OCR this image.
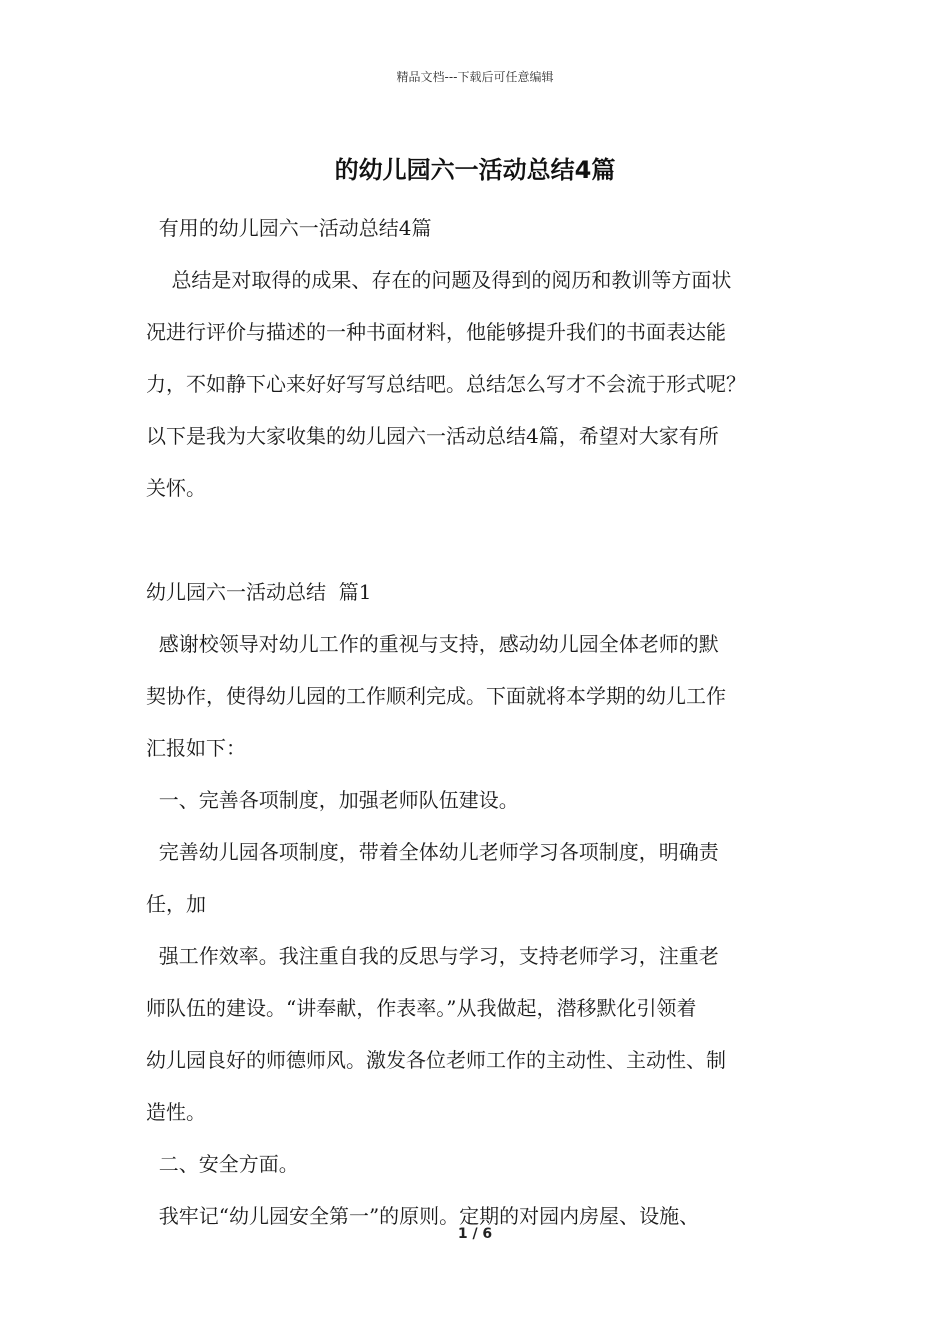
精品文档---下载后可任意编辑
的幼儿园六一活动总结4篇

有用的幼儿园六一活动总结4篇

总结是对取得的成果、存在的问题及得到的阅历和教训等方面状

况进行评价与描述的一种书面材料，他能够提升我们的书面表达能

力，不如静下心来好好写写总结吧。总结怎么写才不会流于形式呢？

以下是我为大家收集的幼儿园六一活动总结4篇，希望对大家有所

关怀。

幼儿园六一活动总结  篇1

感谢校领导对幼儿工作的重视与支持，感动幼儿园全体老师的默

契协作，使得幼儿园的工作顺利完成。下面就将本学期的幼儿工作

汇报如下：

一、完善各项制度，加强老师队伍建设。

完善幼儿园各项制度，带着全体幼儿老师学习各项制度，明确责

任，加

强工作效率。我注重自我的反思与学习，支持老师学习，注重老

师队伍的建设。“讲奉献，作表率。”从我做起，潜移默化引领着

幼儿园良好的师德师风。激发各位老师工作的主动性、主动性、制

造性。

二、安全方面。

我牢记“幼儿园安全第一”的原则。定期的对园内房屋、设施、

1 / 6
